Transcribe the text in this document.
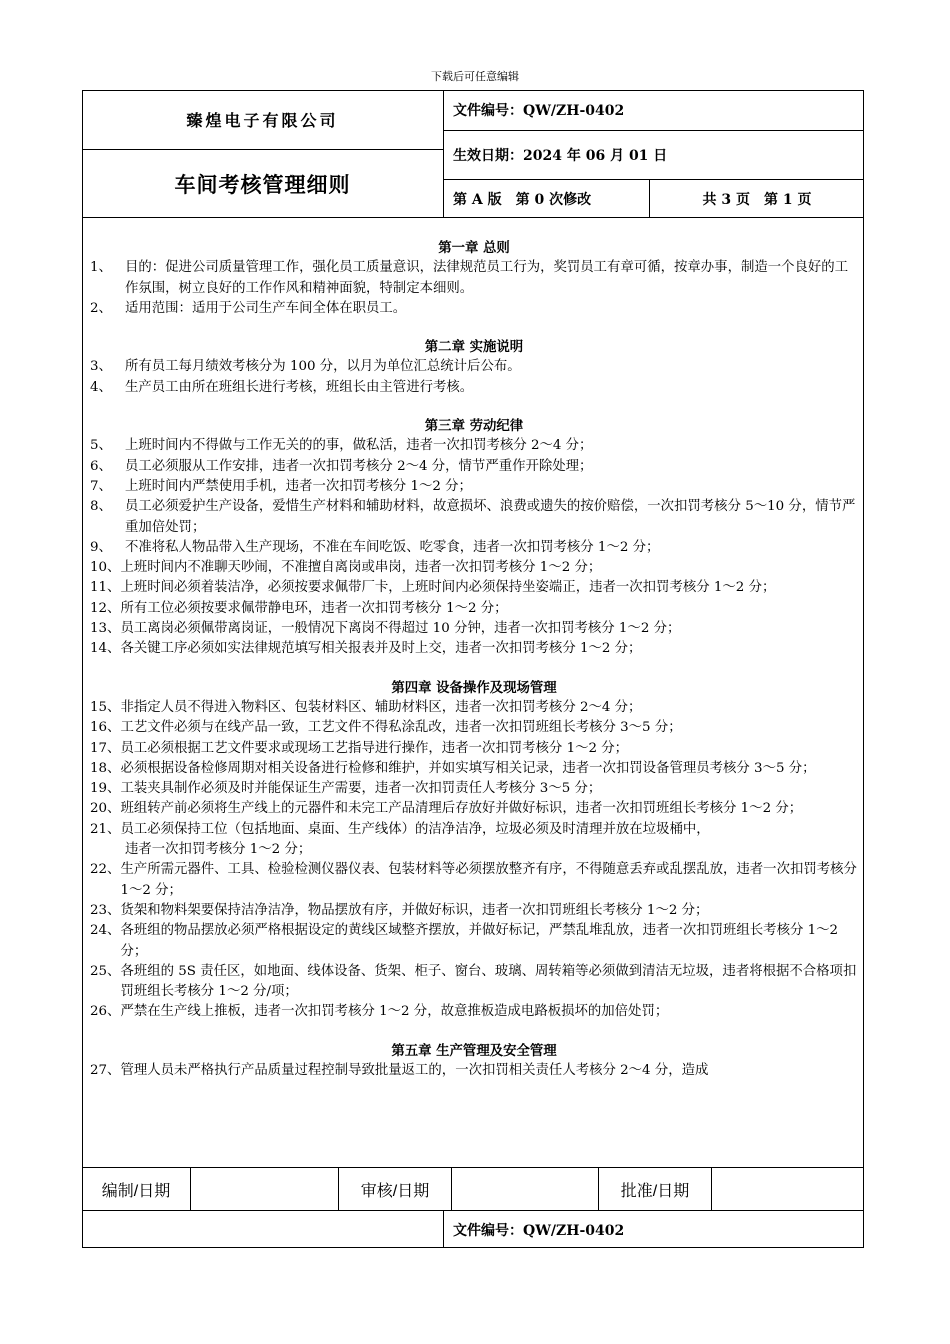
下载后可任意编辑
臻煌电子有限公司
车间考核管理细则
文件编号：QW/ZH-0402
生效日期：2024 年 06 月 01 日
第 A 版　第 0 次修改	共 3 页　第 1 页
第一章 总则
1、 目的：促进公司质量管理工作，强化员工质量意识，法律规范员工行为，奖罚员工有章可循，按章办事，制造一个良好的工作氛围，树立良好的工作作风和精神面貌，特制定本细则。
2、 适用范围：适用于公司生产车间全体在职员工。
第二章 实施说明
3、 所有员工每月绩效考核分为 100 分，以月为单位汇总统计后公布。
4、 生产员工由所在班组长进行考核，班组长由主管进行考核。
第三章 劳动纪律
5、 上班时间内不得做与工作无关的的事，做私活，违者一次扣罚考核分 2～4 分；
6、 员工必须服从工作安排，违者一次扣罚考核分 2～4 分，情节严重作开除处理；
7、 上班时间内严禁使用手机，违者一次扣罚考核分 1～2 分；
8、 员工必须爱护生产设备，爱惜生产材料和辅助材料，故意损坏、浪费或遗失的按价赔偿，一次扣罚考核分 5～10 分，情节严重加倍处罚；
9、 不准将私人物品带入生产现场，不准在车间吃饭、吃零食，违者一次扣罚考核分 1～2 分；
10、 上班时间内不准聊天吵闹，不准擅自离岗或串岗，违者一次扣罚考核分 1～2 分；
11、 上班时间必须着装洁净，必须按要求佩带厂卡，上班时间内必须保持坐姿端正，违者一次扣罚考核分 1～2 分；
12、 所有工位必须按要求佩带静电环，违者一次扣罚考核分 1～2 分；
13、 员工离岗必须佩带离岗证，一般情况下离岗不得超过 10 分钟，违者一次扣罚考核分 1～2 分；
14、 各关键工序必须如实法律规范填写相关报表并及时上交，违者一次扣罚考核分 1～2 分；
第四章 设备操作及现场管理
15、 非指定人员不得进入物料区、包装材料区、辅助材料区，违者一次扣罚考核分 2～4 分；
16、 工艺文件必须与在线产品一致，工艺文件不得私涂乱改，违者一次扣罚班组长考核分 3～5 分；
17、 员工必须根据工艺文件要求或现场工艺指导进行操作，违者一次扣罚考核分 1～2 分；
18、 必须根据设备检修周期对相关设备进行检修和维护，并如实填写相关记录，违者一次扣罚设备管理员考核分 3～5 分；
19、 工装夹具制作必须及时并能保证生产需要，违者一次扣罚责任人考核分 3～5 分；
20、 班组转产前必须将生产线上的元器件和未完工产品清理后存放好并做好标识，违者一次扣罚班组长考核分 1～2 分；
21、员工必须保持工位（包括地面、桌面、生产线体）的洁净洁净，垃圾必须及时清理并放在垃圾桶中，
违者一次扣罚考核分 1～2 分；
22、 生产所需元器件、工具、检验检测仪器仪表、包装材料等必须摆放整齐有序，不得随意丢弃或乱摆乱放，违者一次扣罚考核分 1～2 分；
23、 货架和物料架要保持洁净洁净，物品摆放有序，并做好标识，违者一次扣罚班组长考核分 1～2 分；
24、 各班组的物品摆放必须严格根据设定的黄线区域整齐摆放，并做好标记，严禁乱堆乱放，违者一次扣罚班组长考核分 1～2 分；
25、 各班组的 5S 责任区，如地面、线体设备、货架、柜子、窗台、玻璃、周转箱等必须做到清洁无垃圾，违者将根据不合格项扣罚班组长考核分 1～2 分/项；
26、 严禁在生产线上推板，违者一次扣罚考核分 1～2 分，故意推板造成电路板损坏的加倍处罚；
第五章 生产管理及安全管理
27、 管理人员未严格执行产品质量过程控制导致批量返工的，一次扣罚相关责任人考核分 2～4 分，造成
编制/日期	审核/日期	批准/日期
文件编号：QW/ZH-0402
